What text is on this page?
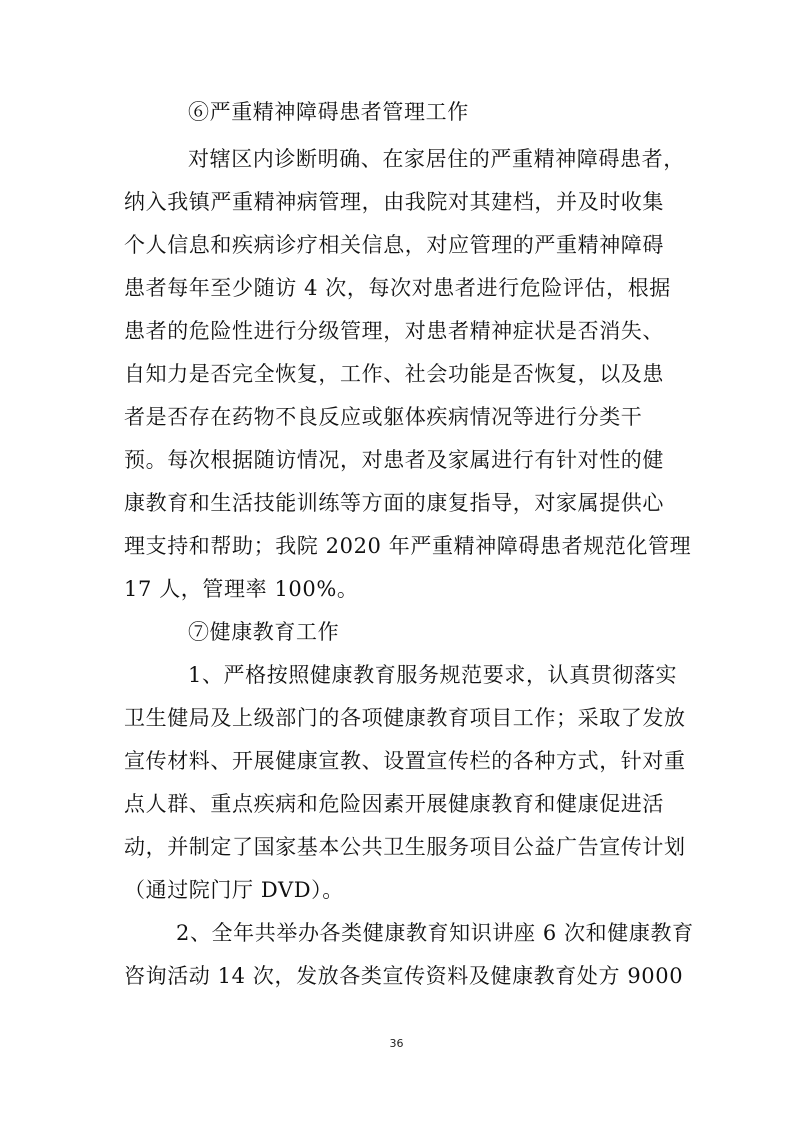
⑥严重精神障碍患者管理工作
对辖区内诊断明确、在家居住的严重精神障碍患者，
纳入我镇严重精神病管理，由我院对其建档，并及时收集
个人信息和疾病诊疗相关信息，对应管理的严重精神障碍
患者每年至少随访 4 次，每次对患者进行危险评估，根据
患者的危险性进行分级管理，对患者精神症状是否消失、
自知力是否完全恢复，工作、社会功能是否恢复，以及患
者是否存在药物不良反应或躯体疾病情况等进行分类干
预。每次根据随访情况，对患者及家属进行有针对性的健
康教育和生活技能训练等方面的康复指导，对家属提供心
理支持和帮助；我院 2020 年严重精神障碍患者规范化管理
17 人，管理率 100%。
⑦健康教育工作
1、严格按照健康教育服务规范要求，认真贯彻落实
卫生健局及上级部门的各项健康教育项目工作；采取了发放
宣传材料、开展健康宣教、设置宣传栏的各种方式，针对重
点人群、重点疾病和危险因素开展健康教育和健康促进活
动，并制定了国家基本公共卫生服务项目公益广告宣传计划
（通过院门厅 DVD）。
2、全年共举办各类健康教育知识讲座 6 次和健康教育
咨询活动 14 次，发放各类宣传资料及健康教育处方 9000
36
